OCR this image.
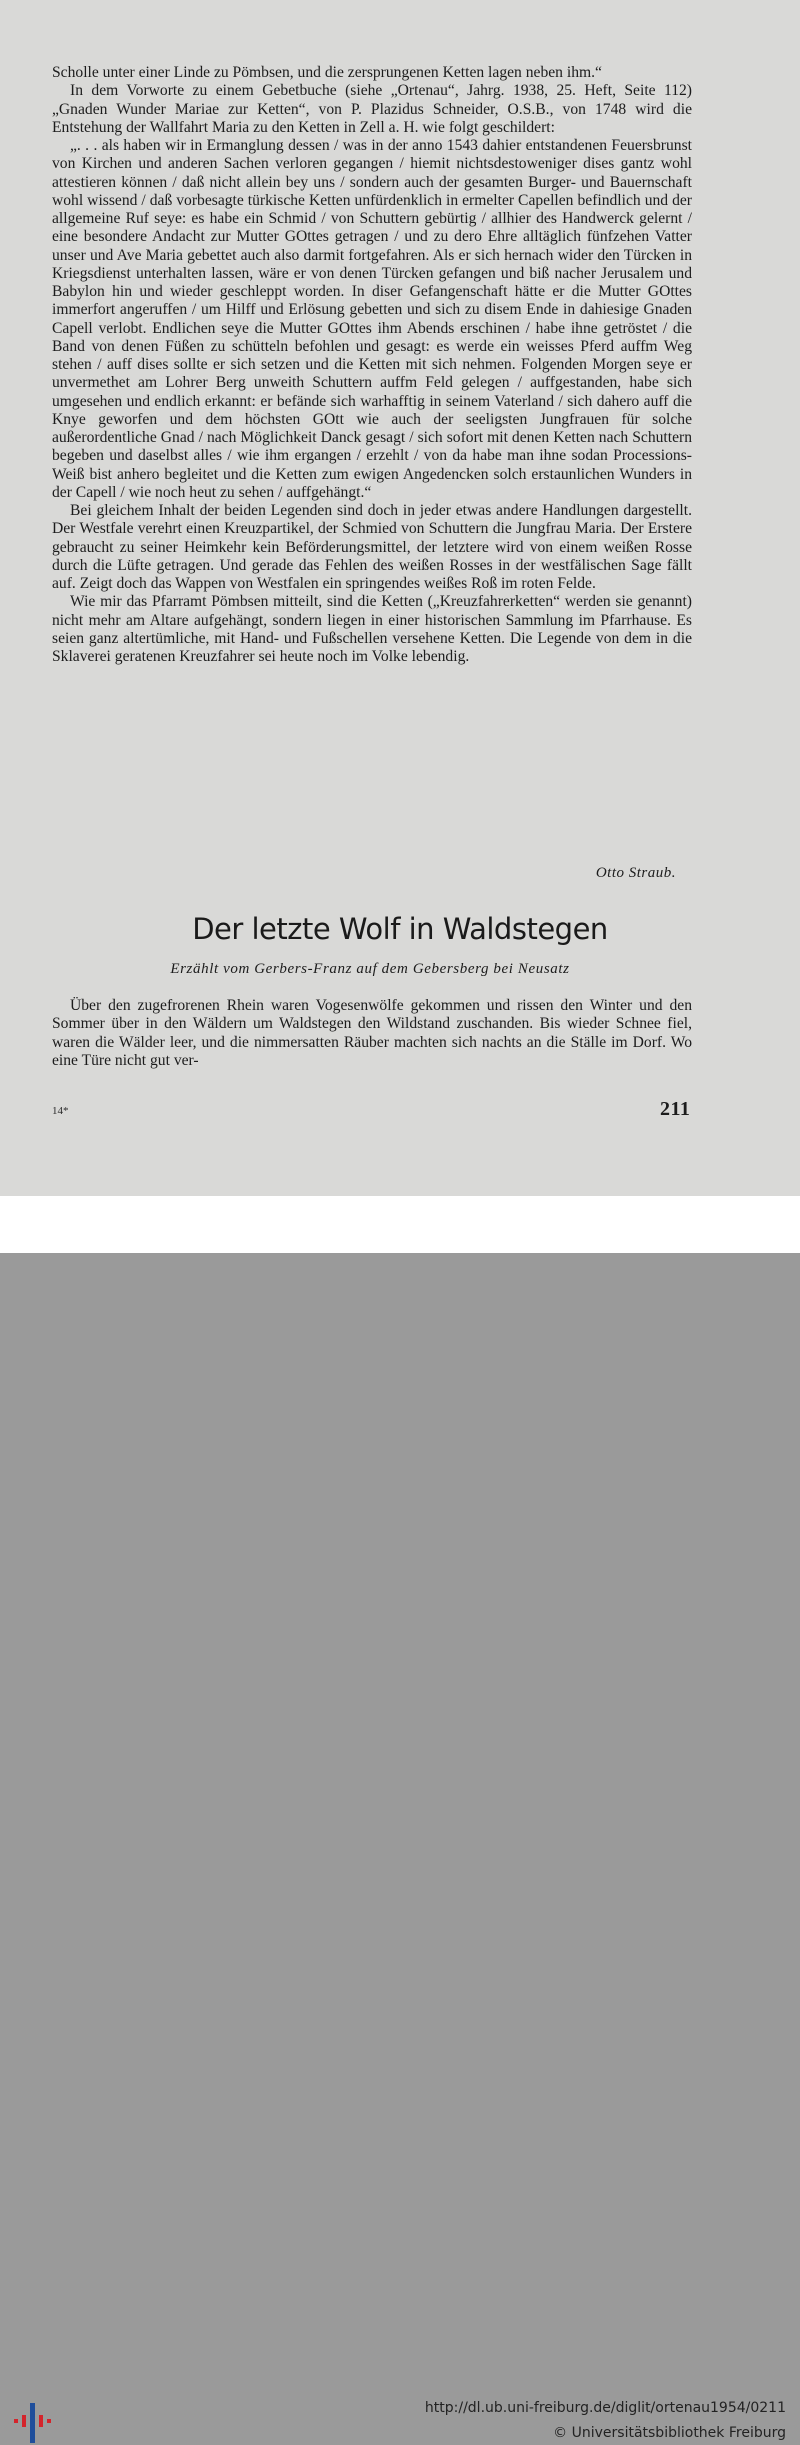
Scholle unter einer Linde zu Pömbsen, und die zersprungenen Ketten lagen neben ihm.“

In dem Vorworte zu einem Gebetbuche (siehe „Ortenau“, Jahrg. 1938, 25. Heft, Seite 112) „Gnaden Wunder Mariae zur Ketten“, von P. Plazidus Schneider, O.S.B., von 1748 wird die Entstehung der Wallfahrt Maria zu den Ketten in Zell a. H. wie folgt geschildert:

„. . . als haben wir in Ermanglung dessen / was in der anno 1543 dahier entstandenen Feuersbrunst von Kirchen und anderen Sachen verloren gegangen / hiemit nichtsdestoweniger dises gantz wohl attestieren können / daß nicht allein bey uns / sondern auch der gesamten Burger- und Bauernschaft wohl wissend / daß vorbesagte türkische Ketten unfürdenklich in ermelter Capellen befindlich und der allgemeine Ruf seye: es habe ein Schmid / von Schuttern gebürtig / allhier des Handwerck gelernt / eine besondere Andacht zur Mutter GOttes getragen / und zu dero Ehre alltäglich fünfzehen Vatter unser und Ave Maria gebettet auch also darmit fortgefahren. Als er sich hernach wider den Türcken in Kriegsdienst unterhalten lassen, wäre er von denen Türcken gefangen und biß nacher Jerusalem und Babylon hin und wieder geschleppt worden. In diser Gefangenschaft hätte er die Mutter GOttes immerfort angeruffen / um Hilff und Erlösung gebetten und sich zu disem Ende in dahiesige Gnaden Capell verlobt. Endlichen seye die Mutter GOttes ihm Abends erschinen / habe ihne getröstet / die Band von denen Füßen zu schütteln befohlen und gesagt: es werde ein weisses Pferd auffm Weg stehen / auff dises sollte er sich setzen und die Ketten mit sich nehmen. Folgenden Morgen seye er unvermethet am Lohrer Berg unweith Schuttern auffm Feld gelegen / auffgestanden, habe sich umgesehen und endlich erkannt: er befände sich warhafftig in seinem Vaterland / sich dahero auff die Knye geworfen und dem höchsten GOtt wie auch der seeligsten Jungfrauen für solche außerordentliche Gnad / nach Möglichkeit Danck gesagt / sich sofort mit denen Ketten nach Schuttern begeben und daselbst alles / wie ihm ergangen / erzehlt / von da habe man ihne sodan Processions-Weiß bist anhero begleitet und die Ketten zum ewigen Angedencken solch erstaunlichen Wunders in der Capell / wie noch heut zu sehen / auffgehängt.“

Bei gleichem Inhalt der beiden Legenden sind doch in jeder etwas andere Handlungen dargestellt. Der Westfale verehrt einen Kreuzpartikel, der Schmied von Schuttern die Jungfrau Maria. Der Erstere gebraucht zu seiner Heimkehr kein Beförderungsmittel, der letztere wird von einem weißen Rosse durch die Lüfte getragen. Und gerade das Fehlen des weißen Rosses in der westfälischen Sage fällt auf. Zeigt doch das Wappen von Westfalen ein springendes weißes Roß im roten Felde.

Wie mir das Pfarramt Pömbsen mitteilt, sind die Ketten („Kreuzfahrerketten“ werden sie genannt) nicht mehr am Altare aufgehängt, sondern liegen in einer historischen Sammlung im Pfarrhause. Es seien ganz altertümliche, mit Hand- und Fußschellen versehene Ketten. Die Legende von dem in die Sklaverei geratenen Kreuzfahrer sei heute noch im Volke lebendig.

Otto Straub.
Der letzte Wolf in Waldstegen
Erzählt vom Gerbers-Franz auf dem Gebersberg bei Neusatz

Über den zugefrorenen Rhein waren Vogesenwölfe gekommen und rissen den Winter und den Sommer über in den Wäldern um Waldstegen den Wildstand zuschanden. Bis wieder Schnee fiel, waren die Wälder leer, und die nimmersatten Räuber machten sich nachts an die Ställe im Dorf. Wo eine Türe nicht gut ver-

14*	211
http://dl.ub.uni-freiburg.de/diglit/ortenau1954/0211
© Universitätsbibliothek Freiburg
